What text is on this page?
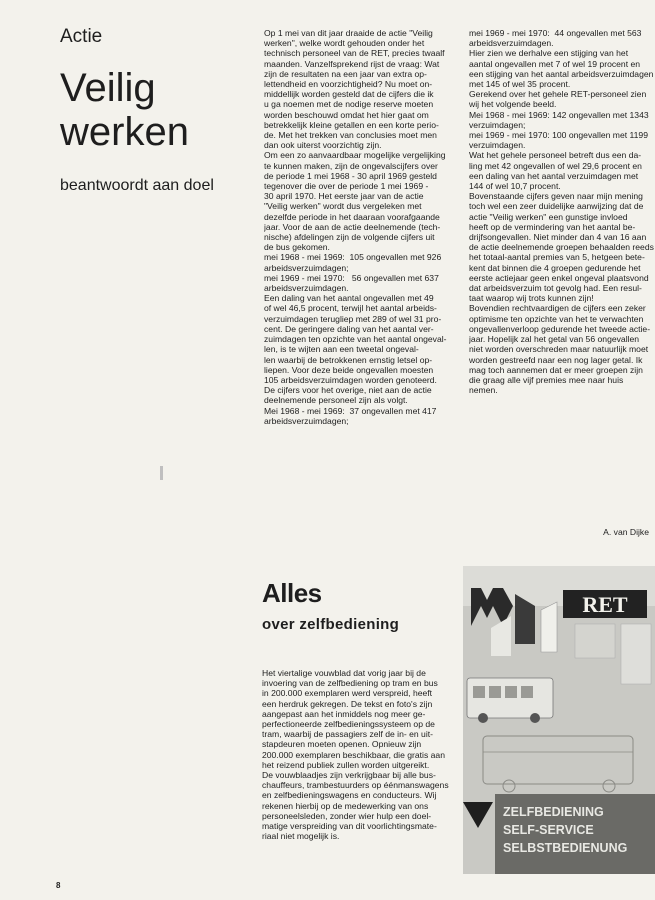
Actie
Veilig
werken
beantwoordt aan doel
Op 1 mei van dit jaar draaide de actie "Veilig
werken", welke wordt gehouden onder het
technisch personeel van de RET, precies twaalf
maanden. Vanzelfsprekend rijst de vraag: Wat
zijn de resultaten na een jaar van extra op-
lettendheid en voorzichtigheid? Nu moet on-
middellijk worden gesteld dat de cijfers die ik
u ga noemen met de nodige reserve moeten
worden beschouwd omdat het hier gaat om
betrekkelijk kleine getallen en een korte perio-
de. Met het trekken van conclusies moet men
dan ook uiterst voorzichtig zijn.
Om een zo aanvaardbaar mogelijke vergelijking
te kunnen maken, zijn de ongevalscijfers over
de periode 1 mei 1968 - 30 april 1969 gesteld
tegenover die over de periode 1 mei 1969 -
30 april 1970. Het eerste jaar van de actie
"Veilig werken" wordt dus vergeleken met
dezelfde periode in het daaraan voorafgaande
jaar. Voor de aan de actie deelnemende (tech-
nische) afdelingen zijn de volgende cijfers uit
de bus gekomen.
mei 1968 - mei 1969:  105 ongevallen met 926
arbeidsverzuimdagen;
mei 1969 - mei 1970:   56 ongevallen met 637
arbeidsverzuimdagen.
Een daling van het aantal ongevallen met 49
of wel 46,5 procent, terwijl het aantal arbeids-
verzuimdagen terugliep met 289 of wel 31 pro-
cent. De geringere daling van het aantal ver-
zuimdagen ten opzichte van het aantal ongeval-
len, is te wijten aan een tweetal ongeval-
len waarbij de betrokkenen ernstig letsel op-
liepen. Voor deze beide ongevallen moesten
105 arbeidsverzuimdagen worden genoteerd.
De cijfers voor het overige, niet aan de actie
deelnemende personeel zijn als volgt.
Mei 1968 - mei 1969:  37 ongevallen met 417
arbeidsverzuimdagen;
mei 1969 - mei 1970:  44 ongevallen met 563
arbeidsverzuimdagen.
Hier zien we derhalve een stijging van het
aantal ongevallen met 7 of wel 19 procent en
een stijging van het aantal arbeidsverzuimdagen
met 145 of wel 35 procent.
Gerekend over het gehele RET-personeel zien
wij het volgende beeld.
Mei 1968 - mei 1969: 142 ongevallen met 1343
verzuimdagen;
mei 1969 - mei 1970: 100 ongevallen met 1199
verzuimdagen.
Wat het gehele personeel betreft dus een da-
ling met 42 ongevallen of wel 29,6 procent en
een daling van het aantal verzuimdagen met
144 of wel 10,7 procent.
Bovenstaande cijfers geven naar mijn mening
toch wel een zeer duidelijke aanwijzing dat de
actie "Veilig werken" een gunstige invloed
heeft op de vermindering van het aantal be-
drijfsongevallen. Niet minder dan 4 van 16 aan
de actie deelnemende groepen behaalden reeds
het totaal-aantal premies van 5, hetgeen bete-
kent dat binnen die 4 groepen gedurende het
eerste actiejaar geen enkel ongeval plaatsvond
dat arbeidsverzuim tot gevolg had. Een resul-
taat waarop wij trots kunnen zijn!
Bovendien rechtvaardigen de cijfers een zeker
optimisme ten opzichte van het te verwachten
ongevallenverloop gedurende het tweede actie-
jaar. Hopelijk zal het getal van 56 ongevallen
niet worden overschreden maar natuurlijk moet
worden gestreefd naar een nog lager getal. Ik
mag toch aannemen dat er meer groepen zijn
die graag alle vijf premies mee naar huis
nemen.
A. van Dijke
Alles
over zelfbediening
Het viertalige vouwblad dat vorig jaar bij de
invoering van de zelfbediening op tram en bus
in 200.000 exemplaren werd verspreid, heeft
een herdruk gekregen. De tekst en foto's zijn
aangepast aan het inmiddels nog meer ge-
perfectioneerde zelfbedieningssysteem op de
tram, waarbij de passagiers zelf de in- en uit-
stapdeuren moeten openen. Opnieuw zijn
200.000 exemplaren beschikbaar, die gratis aan
het reizend publiek zullen worden uitgereikt.
De vouwblaadjes zijn verkrijgbaar bij alle bus-
chauffeurs, trambestuurders op éénmanswagens
en zelfbedieningswagens en conducteurs. Wij
rekenen hierbij op de medewerking van ons
personeelsleden, zonder wier hulp een doel-
matige verspreiding van dit voorlichtingsmate-
riaal niet mogelijk is.
RET
ZELFBEDIENING
SELF-SERVICE
SELBSTBEDIENUNG
8
